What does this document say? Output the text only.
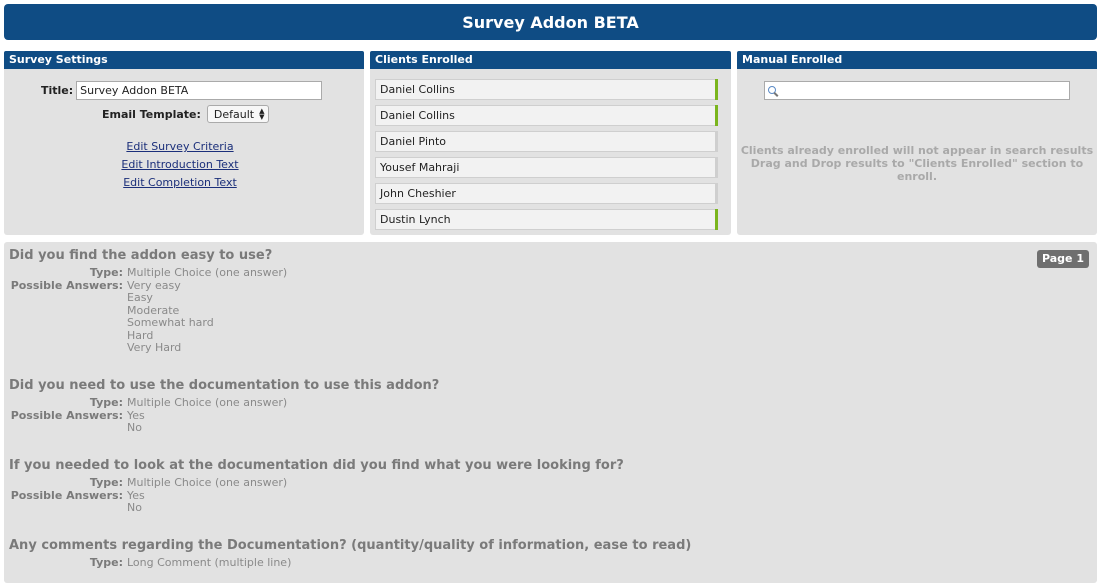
Survey Addon BETA
Survey Settings
Title:
Survey Addon BETA
Email Template: Default ▲
▼
Edit Survey Criteria
Edit Introduction Text
Edit Completion Text
Clients Enrolled
Daniel Collins
Daniel Collins
Daniel Pinto
Yousef Mahraji
John Cheshier
Dustin Lynch
Manual Enrolled
Clients already enrolled will not appear in search results
Drag and Drop results to "Clients Enrolled" section to enroll.
Page 1
Did you find the addon easy to use?
Type: Multiple Choice (one answer)
Possible Answers: Very easy
Easy
Moderate
Somewhat hard
Hard
Very Hard
Did you need to use the documentation to use this addon?
Type: Multiple Choice (one answer)
Possible Answers: Yes
No
If you needed to look at the documentation did you find what you were looking for?
Type: Multiple Choice (one answer)
Possible Answers: Yes
No
Any comments regarding the Documentation? (quantity/quality of information, ease to read)
Type: Long Comment (multiple line)
